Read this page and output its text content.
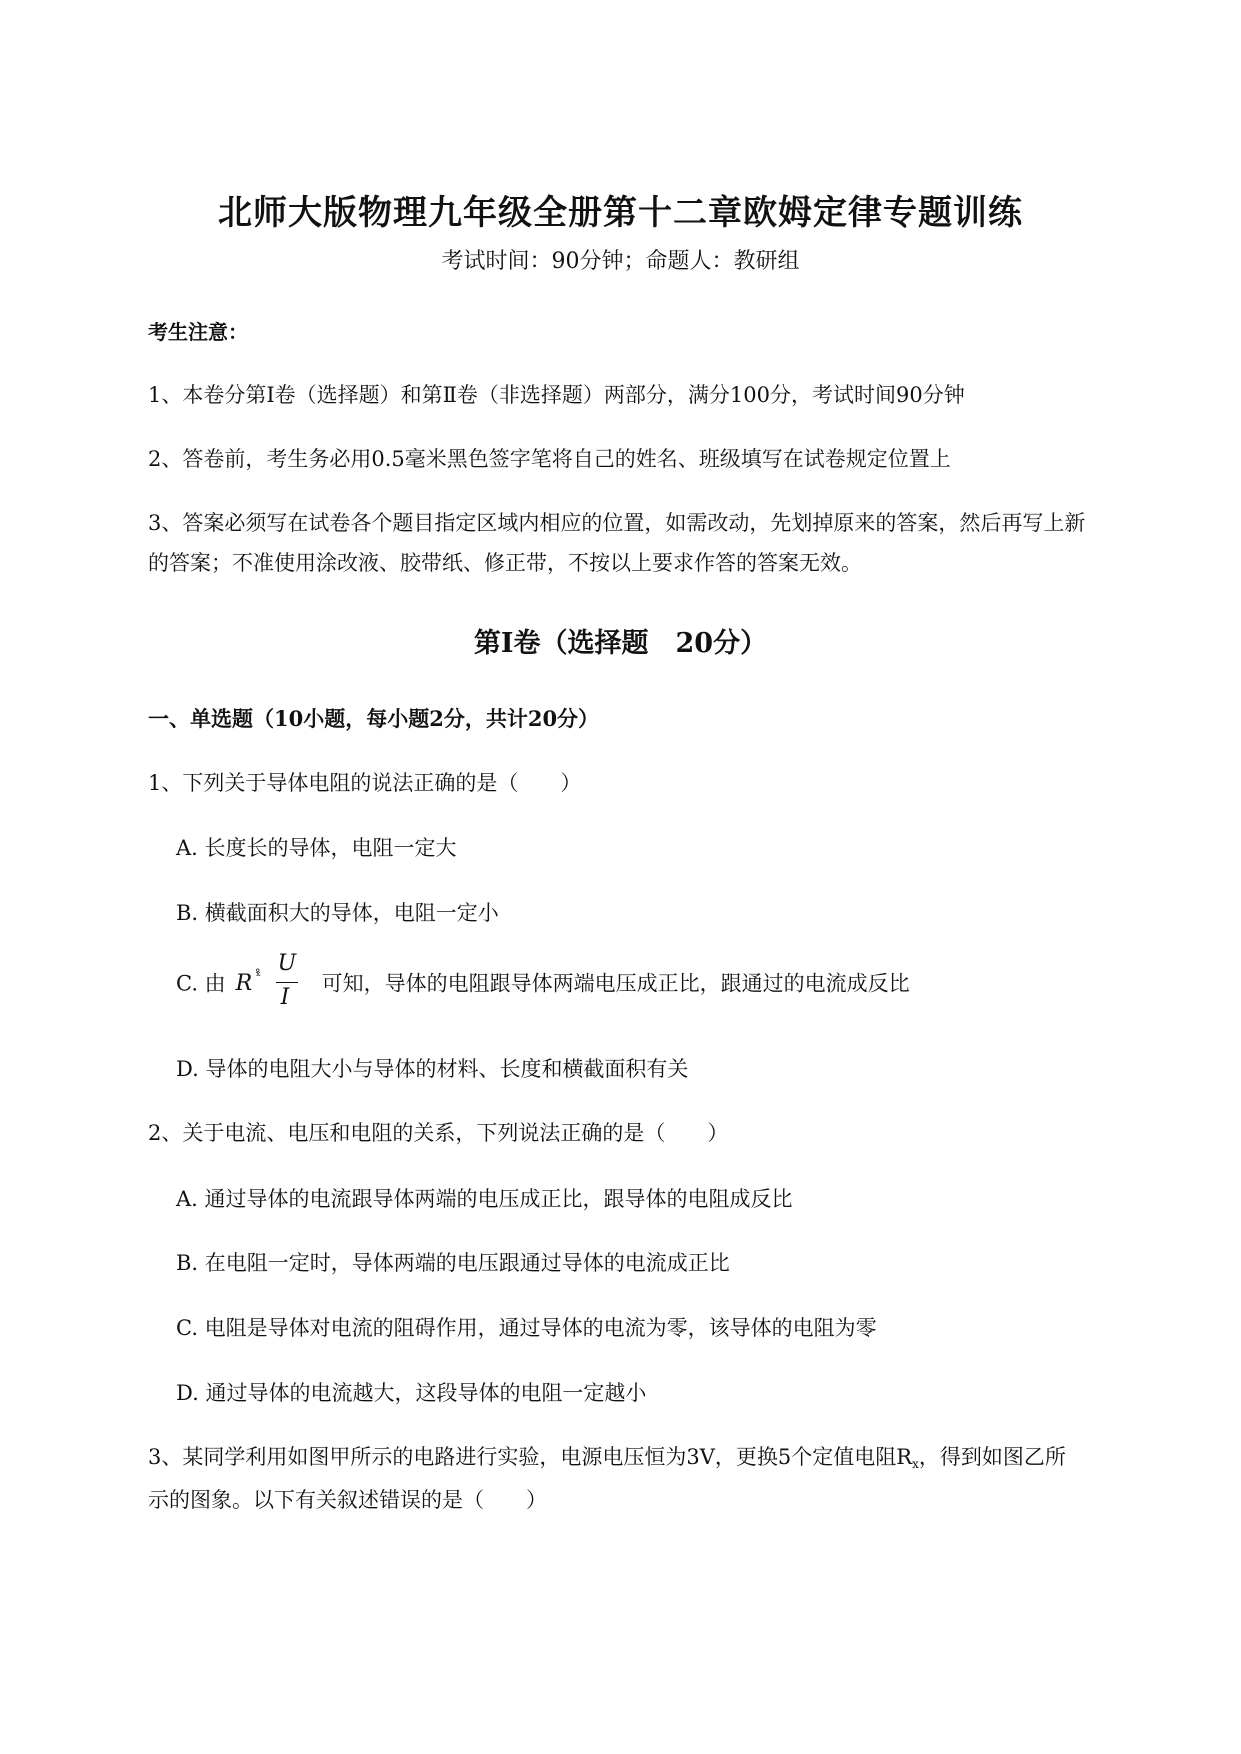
北师大版物理九年级全册第十二章欧姆定律专题训练
考试时间：90分钟；命题人：教研组
考生注意：
1、本卷分第Ⅰ卷（选择题）和第Ⅱ卷（非选择题）两部分，满分100分，考试时间90分钟
2、答卷前，考生务必用0.5毫米黑色签字笔将自己的姓名、班级填写在试卷规定位置上
3、答案必须写在试卷各个题目指定区域内相应的位置，如需改动，先划掉原来的答案，然后再写上新
的答案；不准使用涂改液、胶带纸、修正带，不按以上要求作答的答案无效。
第Ⅰ卷（选择题　20分）
一、单选题（10小题，每小题2分，共计20分）
1、下列关于导体电阻的说法正确的是（　　）
A. 长度长的导体，电阻一定大
B. 横截面积大的导体，电阻一定小
C. 由 R ˣ̊
U
I
可知，导体的电阻跟导体两端电压成正比，跟通过的电流成反比
D. 导体的电阻大小与导体的材料、长度和横截面积有关
2、关于电流、电压和电阻的关系，下列说法正确的是（　　）
A. 通过导体的电流跟导体两端的电压成正比，跟导体的电阻成反比
B. 在电阻一定时，导体两端的电压跟通过导体的电流成正比
C. 电阻是导体对电流的阻碍作用，通过导体的电流为零，该导体的电阻为零
D. 通过导体的电流越大，这段导体的电阻一定越小
3、某同学利用如图甲所示的电路进行实验，电源电压恒为3V，更换5个定值电阻$R_x$，得到如图乙所
示的图象。以下有关叙述错误的是（　　）
